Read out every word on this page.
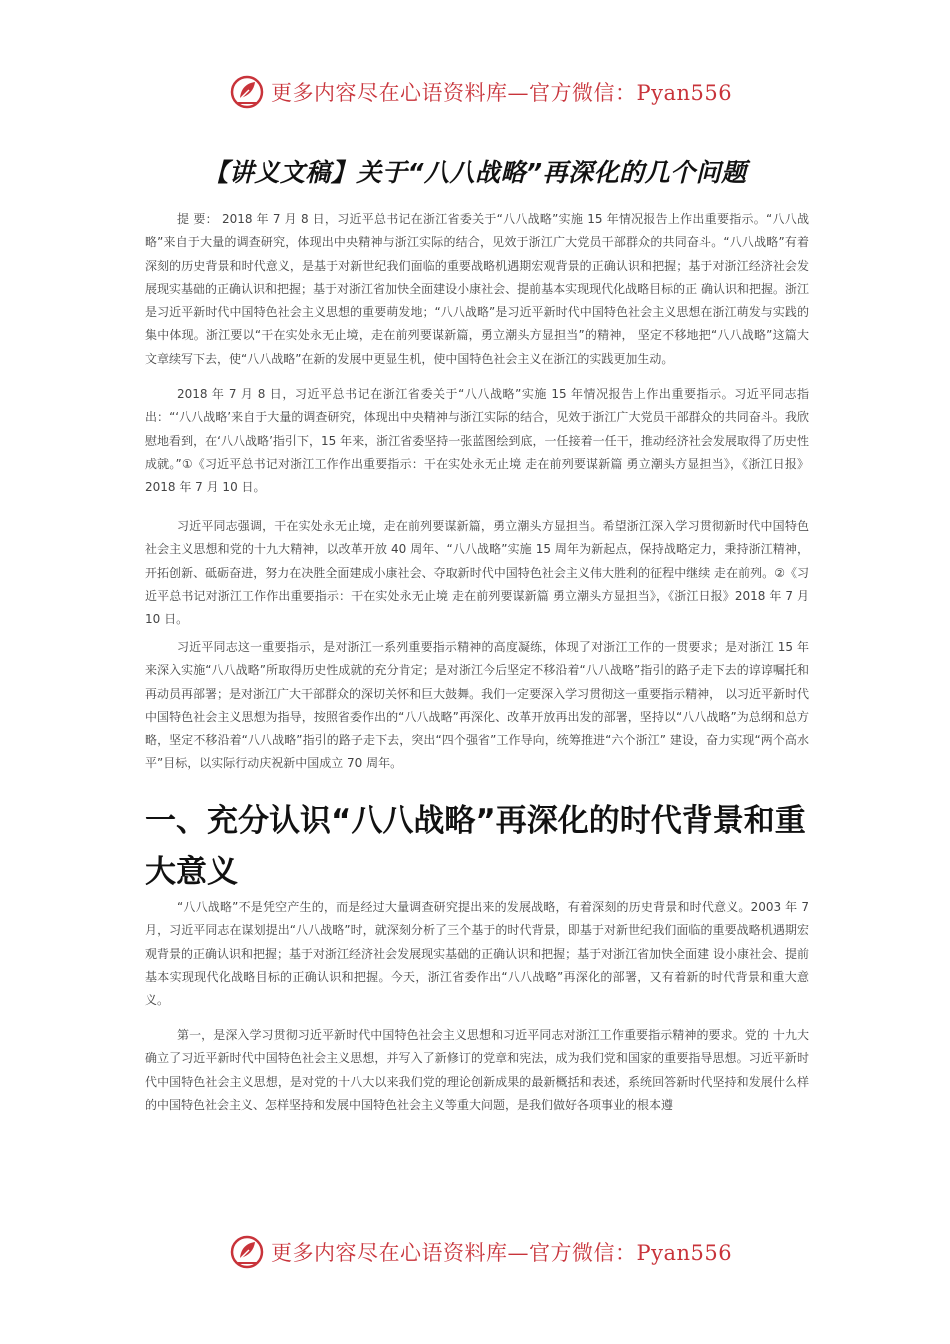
更多内容尽在心语资料库—官方微信：Pyan556
【讲义文稿】关于“八八战略”再深化的几个问题

提 要： 2018 年 7 月 8 日，习近平总书记在浙江省委关于“八八战略”实施 15 年情况报告上作出重要指示。“八八战略”来自于大量的调查研究，体现出中央精神与浙江实际的结合，见效于浙江广大党员干部群众的共同奋斗。“八八战略”有着深刻的历史背景和时代意义，是基于对新世纪我们面临的重要战略机遇期宏观背景的正确认识和把握；基于对浙江经济社会发展现实基础的正确认识和把握；基于对浙江省加快全面建设小康社会、提前基本实现现代化战略目标的正 确认识和把握。浙江是习近平新时代中国特色社会主义思想的重要萌发地；“八八战略”是习近平新时代中国特色社会主义思想在浙江萌发与实践的集中体现。浙江要以“干在实处永无止境，走在前列要谋新篇，勇立潮头方显担当”的精神， 坚定不移地把“八八战略”这篇大文章续写下去，使“八八战略”在新的发展中更显生机，使中国特色社会主义在浙江的实践更加生动。

2018 年 7 月 8 日，习近平总书记在浙江省委关于“八八战略”实施 15 年情况报告上作出重要指示。习近平同志指出：“‘八八战略’来自于大量的调查研究，体现出中央精神与浙江实际的结合，见效于浙江广大党员干部群众的共同奋斗。我欣慰地看到，在‘八八战略’指引下，15 年来，浙江省委坚持一张蓝图绘到底，一任接着一任干，推动经济社会发展取得了历史性成就。”①《习近平总书记对浙江工作作出重要指示：干在实处永无止境 走在前列要谋新篇 勇立潮头方显担当》，《浙江日报》2018 年 7 月 10 日。

习近平同志强调，干在实处永无止境，走在前列要谋新篇，勇立潮头方显担当。希望浙江深入学习贯彻新时代中国特色社会主义思想和党的十九大精神，以改革开放 40 周年、“八八战略”实施 15 周年为新起点，保持战略定力，秉持浙江精神，开拓创新、砥砺奋进，努力在决胜全面建成小康社会、夺取新时代中国特色社会主义伟大胜利的征程中继续 走在前列。②《习近平总书记对浙江工作作出重要指示：干在实处永无止境 走在前列要谋新篇 勇立潮头方显担当》，《浙江日报》2018 年 7 月 10 日。

习近平同志这一重要指示，是对浙江一系列重要指示精神的高度凝练，体现了对浙江工作的一贯要求；是对浙江 15 年来深入实施“八八战略”所取得历史性成就的充分肯定；是对浙江今后坚定不移沿着“八八战略”指引的路子走下去的谆谆嘱托和再动员再部署；是对浙江广大干部群众的深切关怀和巨大鼓舞。我们一定要深入学习贯彻这一重要指示精神， 以习近平新时代中国特色社会主义思想为指导，按照省委作出的“八八战略”再深化、改革开放再出发的部署，坚持以“八八战略”为总纲和总方略，坚定不移沿着“八八战略”指引的路子走下去，突出“四个强省”工作导向，统筹推进“六个浙江” 建设，奋力实现“两个高水平”目标，以实际行动庆祝新中国成立 70 周年。

一、充分认识“八八战略”再深化的时代背景和重大意义

“八八战略”不是凭空产生的，而是经过大量调查研究提出来的发展战略，有着深刻的历史背景和时代意义。2003 年 7 月，习近平同志在谋划提出“八八战略”时，就深刻分析了三个基于的时代背景，即基于对新世纪我们面临的重要战略机遇期宏观背景的正确认识和把握；基于对浙江经济社会发展现实基础的正确认识和把握；基于对浙江省加快全面建 设小康社会、提前基本实现现代化战略目标的正确认识和把握。今天，浙江省委作出“八八战略”再深化的部署，又有着新的时代背景和重大意义。

第一，是深入学习贯彻习近平新时代中国特色社会主义思想和习近平同志对浙江工作重要指示精神的要求。党的 十九大确立了习近平新时代中国特色社会主义思想，并写入了新修订的党章和宪法，成为我们党和国家的重要指导思想。习近平新时代中国特色社会主义思想，是对党的十八大以来我们党的理论创新成果的最新概括和表述，系统回答新时代坚持和发展什么样的中国特色社会主义、怎样坚持和发展中国特色社会主义等重大问题，是我们做好各项事业的根本遵

更多内容尽在心语资料库—官方微信：Pyan556
